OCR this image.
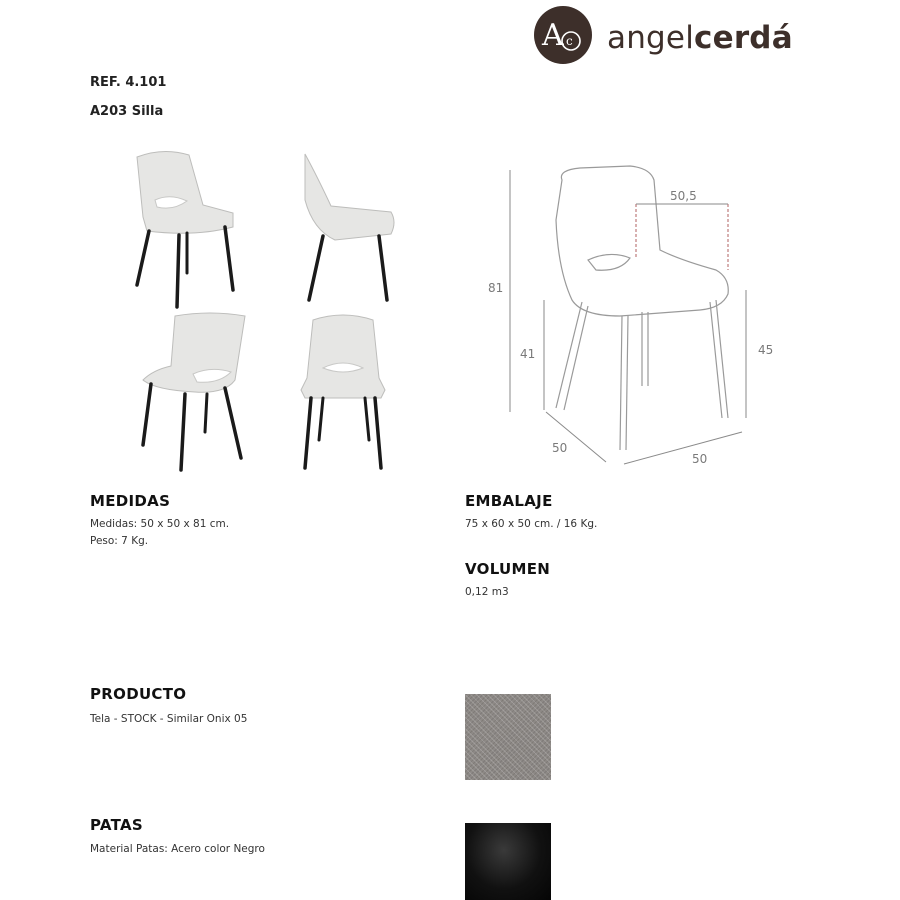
A c angelcerdá
REF. 4.101
A203 Silla
50,5
81
41	45
50
50
MEDIDAS
Medidas: 50 x 50 x 81 cm.
Peso: 7 Kg.
EMBALAJE
75 x 60 x 50 cm. / 16 Kg.
VOLUMEN
0,12 m3
PRODUCTO
Tela - STOCK - Similar Onix 05
PATAS
Material Patas: Acero color Negro
